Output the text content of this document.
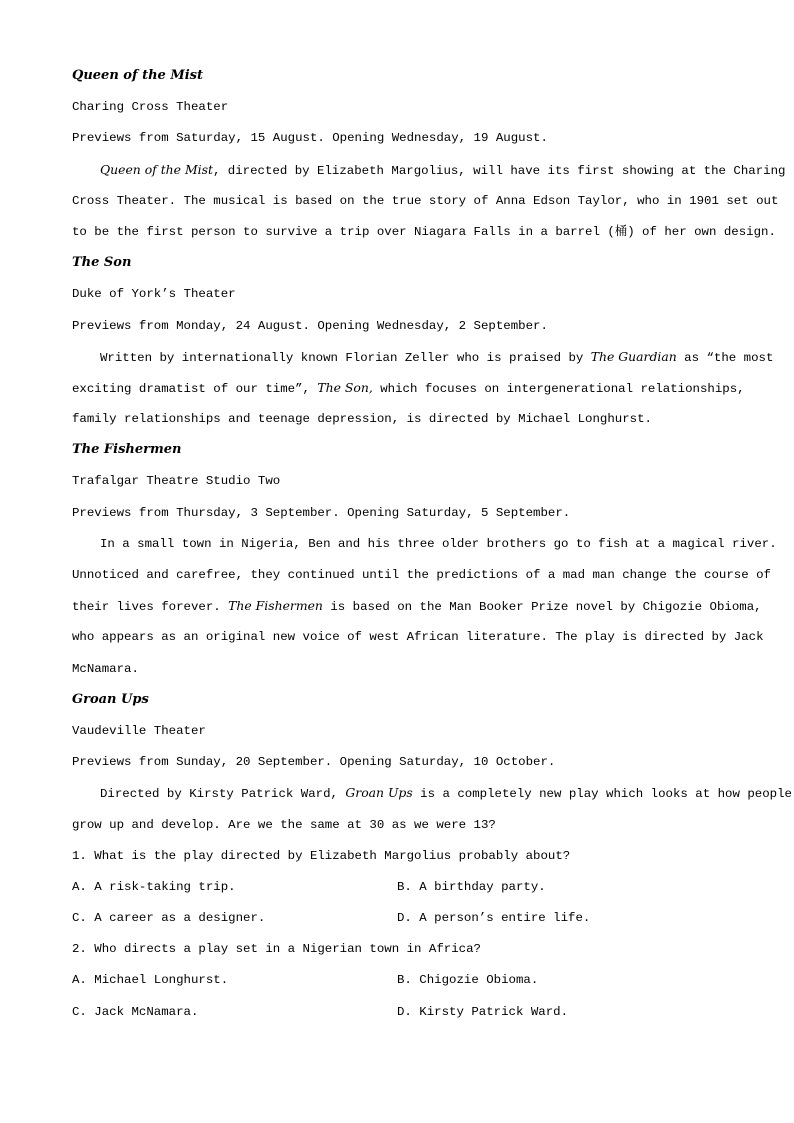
Queen of the Mist
Charing Cross Theater
Previews from Saturday, 15 August. Opening Wednesday, 19 August.
Queen of the Mist, directed by Elizabeth Margolius, will have its first showing at the Charing
Cross Theater. The musical is based on the true story of Anna Edson Taylor, who in 1901 set out
to be the first person to survive a trip over Niagara Falls in a barrel (桶) of her own design.
The Son
Duke of York’s Theater
Previews from Monday, 24 August. Opening Wednesday, 2 September.
Written by internationally known Florian Zeller who is praised by The Guardian as “the most
exciting dramatist of our time”, The Son, which focuses on intergenerational relationships,
family relationships and teenage depression, is directed by Michael Longhurst.
The Fishermen
Trafalgar Theatre Studio Two
Previews from Thursday, 3 September. Opening Saturday, 5 September.
In a small town in Nigeria, Ben and his three older brothers go to fish at a magical river.
Unnoticed and carefree, they continued until the predictions of a mad man change the course of
their lives forever. The Fishermen is based on the Man Booker Prize novel by Chigozie Obioma,
who appears as an original new voice of west African literature. The play is directed by Jack
McNamara.
Groan Ups
Vaudeville Theater
Previews from Sunday, 20 September. Opening Saturday, 10 October.
Directed by Kirsty Patrick Ward, Groan Ups is a completely new play which looks at how people
grow up and develop. Are we the same at 30 as we were 13?
1. What is the play directed by Elizabeth Margolius probably about?
A. A risk-taking trip.	B. A birthday party.
C. A career as a designer.	D. A person’s entire life.
2. Who directs a play set in a Nigerian town in Africa?
A. Michael Longhurst.	B. Chigozie Obioma.
C. Jack McNamara.	D. Kirsty Patrick Ward.
